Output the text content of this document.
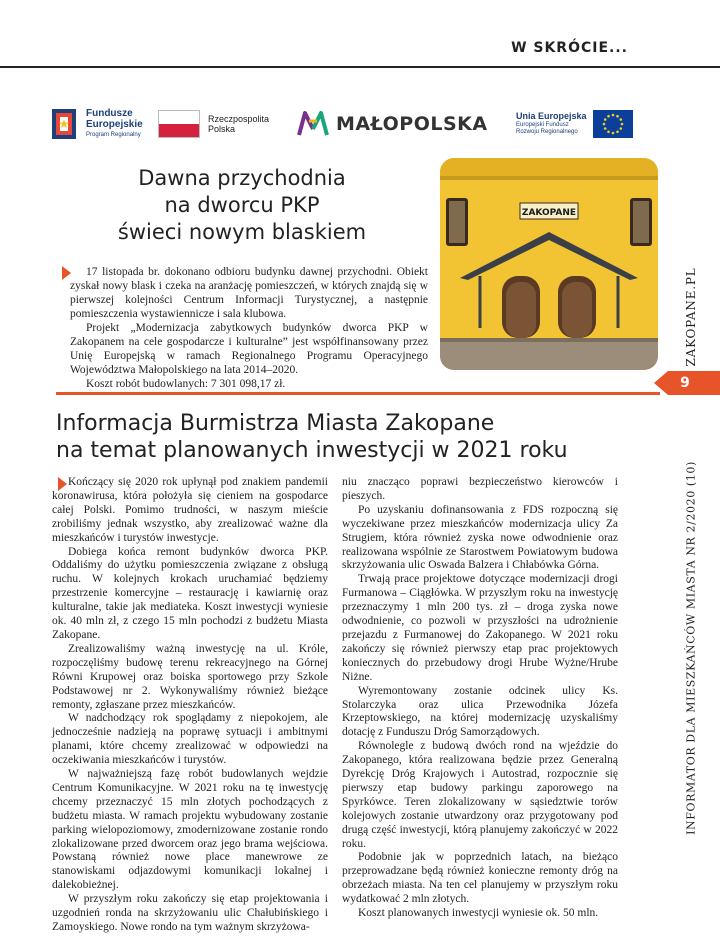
W SKRÓCIE...
Fundusze
Europejskie
Program Regionalny
Rzeczpospolita
Polska	MAŁOPOLSKA	Unia Europejska
Europejski Fundusz
Rozwoju Regionalnego
Dawna przychodnia
na dworcu PKP
świeci nowym blaskiem
ZAKOPANE

17 listopada br. dokonano odbioru budynku dawnej przychodni. Obiekt zyskał nowy blask i czeka na aranżację pomieszczeń, w których znajdą się w pierwszej kolejności Centrum Informacji Turystycznej, a następnie pomieszczenia wystawiennicze i sala klubowa.

Projekt „Modernizacja zabytkowych budynków dworca PKP w Zakopanem na cele gospodarcze i kulturalne” jest współfinansowany przez Unię Europejską w ramach Regionalnego Programu Operacyjnego Województwa Małopolskiego na lata 2014–2020.

Koszt robót budowlanych: 7 301 098,17 zł.

Informacja Burmistrza Miasta Zakopane
na temat planowanych inwestycji w 2021 roku

Kończący się 2020 rok upłynął pod znakiem pandemii koronawirusa, która położyła się cieniem na gospodarce całej Polski. Pomimo trudności, w naszym mieście zrobiliśmy jednak wszystko, aby zrealizować ważne dla mieszkańców i turystów inwestycje.

Dobiega końca remont budynków dworca PKP. Oddaliśmy do użytku pomieszczenia związane z obsługą ruchu. W kolejnych krokach uruchamiać będziemy przestrzenie komercyjne – restaurację i kawiarnię oraz kulturalne, takie jak mediateka. Koszt inwestycji wyniesie ok. 40 mln zł, z czego 15 mln pochodzi z budżetu Miasta Zakopane.

Zrealizowaliśmy ważną inwestycję na ul. Króle, rozpoczęliśmy budowę terenu rekreacyjnego na Górnej Równi Krupowej oraz boiska sportowego przy Szkole Podstawowej nr 2. Wykonywaliśmy również bieżące remonty, zgłaszane przez mieszkańców.

W nadchodzący rok spoglądamy z niepokojem, ale jednocześnie nadzieją na poprawę sytuacji i ambitnymi planami, które chcemy zrealizować w odpowiedzi na oczekiwania mieszkańców i turystów.

W najważniejszą fazę robót budowlanych wejdzie Centrum Komunikacyjne. W 2021 roku na tę inwestycję chcemy przeznaczyć 15 mln złotych pochodzących z budżetu miasta. W ramach projektu wybudowany zostanie parking wielopoziomowy, zmodernizowane zostanie rondo zlokalizowane przed dworcem oraz jego brama wejściowa. Powstaną również nowe place manewrowe ze stanowiskami odjazdowymi komunikacji lokalnej i dalekobieżnej.

W przyszłym roku zakończy się etap projektowania i uzgodnień ronda na skrzyżowaniu ulic Chałubińskiego i Zamoyskiego. Nowe rondo na tym ważnym skrzyżowa-

niu znacząco poprawi bezpieczeństwo kierowców i pieszych.

Po uzyskaniu dofinansowania z FDS rozpoczną się wyczekiwane przez mieszkańców modernizacja ulicy Za Strugiem, która również zyska nowe odwodnienie oraz realizowana wspólnie ze Starostwem Powiatowym budowa skrzyżowania ulic Oswada Balzera i Chłabówka Górna.

Trwają prace projektowe dotyczące modernizacji drogi Furmanowa – Ciągłówka. W przyszłym roku na inwestycję przeznaczymy 1 mln 200 tys. zł – droga zyska nowe odwodnienie, co pozwoli w przyszłości na udrożnienie przejazdu z Furmanowej do Zakopanego. W 2021 roku zakończy się również pierwszy etap prac projektowych koniecznych do przebudowy drogi Hrube Wyżne/Hrube Niżne.

Wyremontowany zostanie odcinek ulicy Ks. Stolarczyka oraz ulica Przewodnika Józefa Krzeptowskiego, na której modernizację uzyskaliśmy dotację z Funduszu Dróg Samorządowych.

Równolegle z budową dwóch rond na wjeździe do Zakopanego, która realizowana będzie przez Generalną Dyrekcję Dróg Krajowych i Autostrad, rozpocznie się pierwszy etap budowy parkingu zaporowego na Spyrkówce. Teren zlokalizowany w sąsiedztwie torów kolejowych zostanie utwardzony oraz przygotowany pod drugą część inwestycji, którą planujemy zakończyć w 2022 roku.

Podobnie jak w poprzednich latach, na bieżąco przeprowadzane będą również konieczne remonty dróg na obrzeżach miasta. Na ten cel planujemy w przyszłym roku wydatkować 2 mln złotych.

Koszt planowanych inwestycji wyniesie ok. 50 mln.

ZAKOPANE.PL
INFORMATOR DLA MIESZKAŃCÓW MIASTA NR 2/2020 (10)
9
